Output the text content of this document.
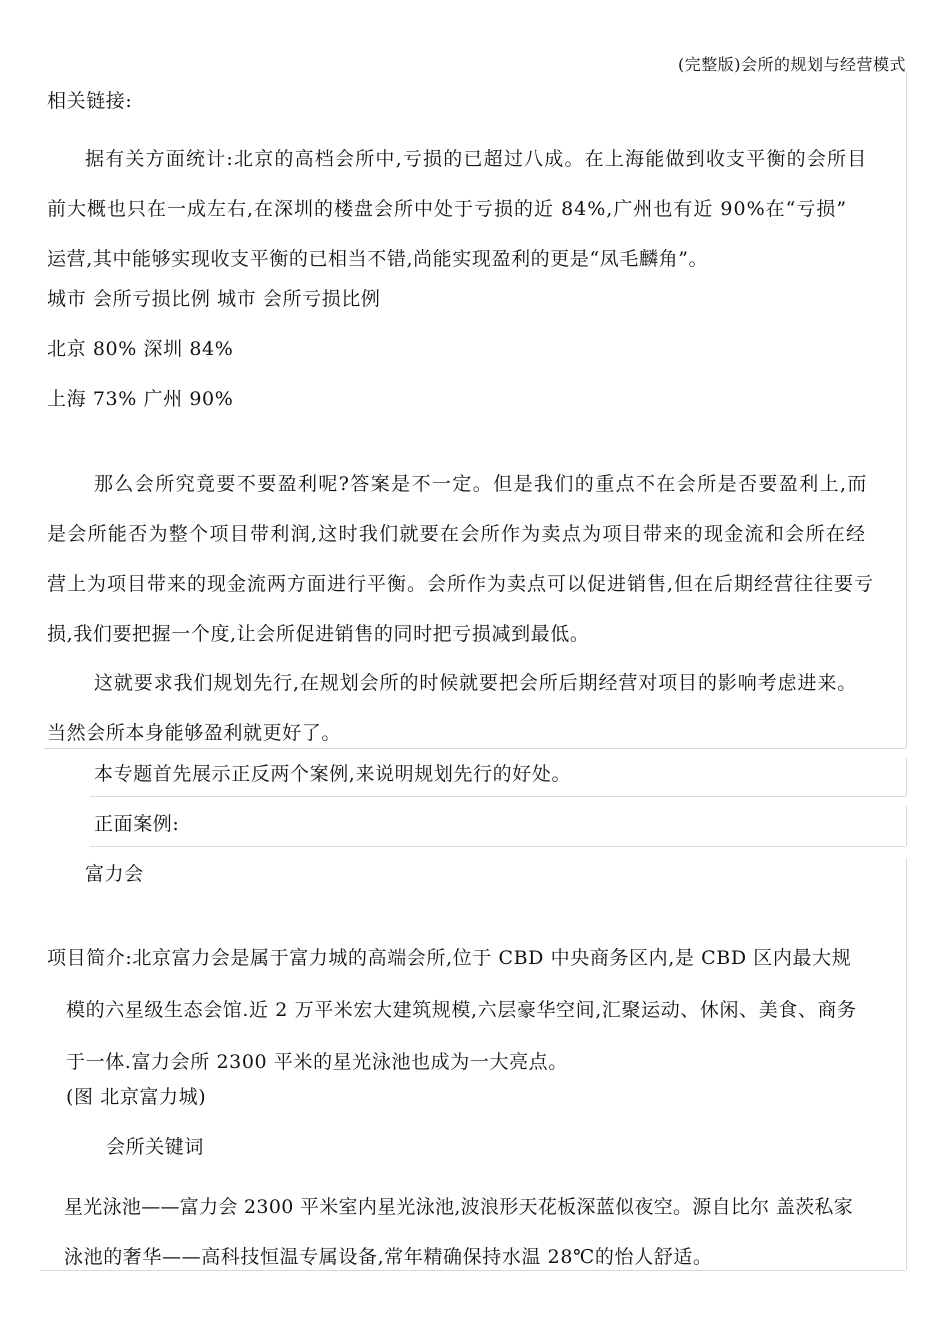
(完整版)会所的规划与经营模式
相关链接:
据有关方面统计:北京的高档会所中,亏损的已超过八成。在上海能做到收支平衡的会所目
前大概也只在一成左右,在深圳的楼盘会所中处于亏损的近 84%,广州也有近 90%在“亏损”
运营,其中能够实现收支平衡的已相当不错,尚能实现盈利的更是“凤毛麟角”。
城市 会所亏损比例 城市 会所亏损比例
北京 80% 深圳 84%
上海 73% 广州 90%
那么会所究竟要不要盈利呢?答案是不一定。但是我们的重点不在会所是否要盈利上,而
是会所能否为整个项目带利润,这时我们就要在会所作为卖点为项目带来的现金流和会所在经
营上为项目带来的现金流两方面进行平衡。会所作为卖点可以促进销售,但在后期经营往往要亏
损,我们要把握一个度,让会所促进销售的同时把亏损减到最低。
这就要求我们规划先行,在规划会所的时候就要把会所后期经营对项目的影响考虑进来。
当然会所本身能够盈利就更好了。
本专题首先展示正反两个案例,来说明规划先行的好处。
正面案例:
富力会
项目简介:北京富力会是属于富力城的高端会所,位于 CBD 中央商务区内,是 CBD 区内最大规
模的六星级生态会馆.近 2 万平米宏大建筑规模,六层豪华空间,汇聚运动、休闲、美食、商务
于一体.富力会所 2300 平米的星光泳池也成为一大亮点。
(图 北京富力城)
会所关键词
星光泳池——富力会 2300 平米室内星光泳池,波浪形天花板深蓝似夜空。源自比尔 盖茨私家
泳池的奢华——高科技恒温专属设备,常年精确保持水温 28℃的怡人舒适。
